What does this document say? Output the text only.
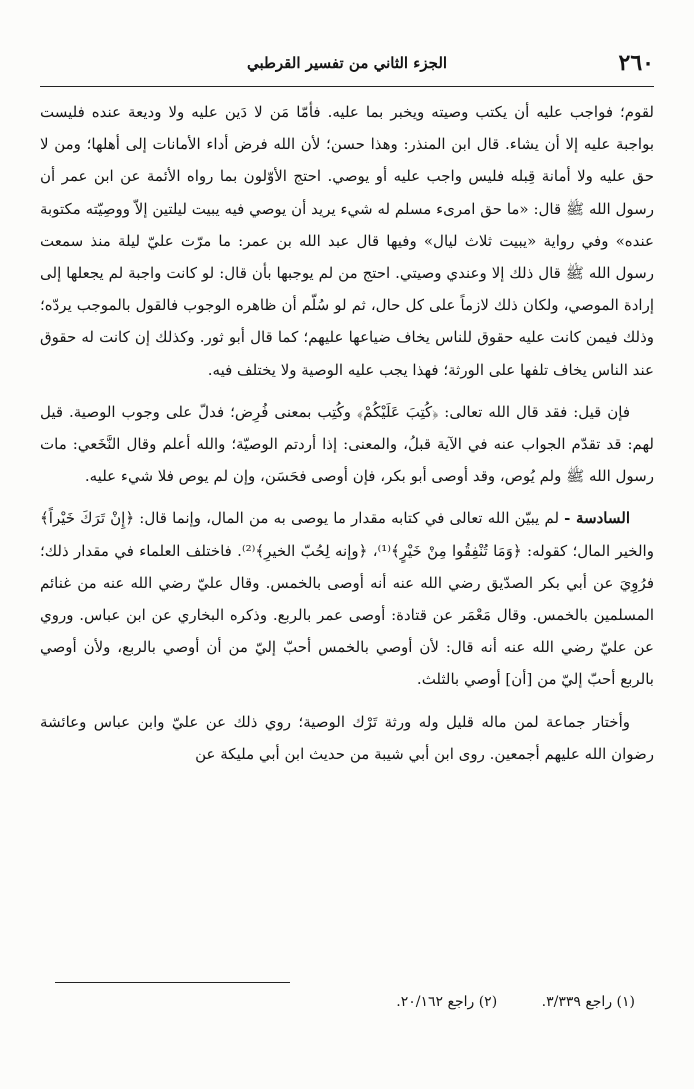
٢٦٠
الجزء الثاني من تفسير القرطبي

لقوم؛ فواجب عليه أن يكتب وصيته ويخبر بما عليه. فأمّا مَن لا دَين عليه ولا وديعة عنده فليست بواجبة عليه إلا أن يشاء. قال ابن المنذر: وهذا حسن؛ لأن الله فرض أداء الأمانات إلى أهلها؛ ومن لا حق عليه ولا أمانة قِبله فليس واجب عليه أو يوصي. احتج الأوّلون بما رواه الأئمة عن ابن عمر أن رسول الله ﷺ قال: «ما حق امرىء مسلم له شيء يريد أن يوصي فيه يبيت ليلتين إلاّ ووصِيّته مكتوبة عنده» وفي رواية «يبيت ثلاث ليال» وفيها قال عبد الله بن عمر: ما مرّت عليّ ليلة منذ سمعت رسول الله ﷺ قال ذلك إلا وعندي وصيتي. احتج من لم يوجبها بأن قال: لو كانت واجبة لم يجعلها إلى إرادة الموصي، ولكان ذلك لازماً على كل حال، ثم لو سُلّم أن ظاهره الوجوب فالقول بالموجب يردّه؛ وذلك فيمن كانت عليه حقوق للناس يخاف ضياعها عليهم؛ كما قال أبو ثور. وكذلك إن كانت له حقوق عند الناس يخاف تلفها على الورثة؛ فهذا يجب عليه الوصية ولا يختلف فيه.

فإن قيل: فقد قال الله تعالى: ﴿كُتِبَ عَلَيْكُمْ﴾ وكُتِب بمعنى فُرِض؛ فدلّ على وجوب الوصية. قيل لهم: قد تقدّم الجواب عنه في الآية قبلُ، والمعنى: إذا أردتم الوصيّة؛ والله أعلم وقال النَّخَعي: مات رسول الله ﷺ ولم يُوص، وقد أوصى أبو بكر، فإن أوصى فحَسَن، وإن لم يوص فلا شيء عليه.

السادسة - لم يبيّن الله تعالى في كتابه مقدار ما يوصى به من المال، وإنما قال: ﴿إِنْ تَرَكَ خَيْراً﴾ والخير المال؛ كقوله: ﴿وَمَا تُنْفِقُوا مِنْ خَيْرٍ﴾⁽¹⁾، ﴿وإنه لِحُبّ الخيرِ﴾⁽²⁾. فاختلف العلماء في مقدار ذلك؛ فرُوِيَ عن أبي بكر الصدّيق رضي الله عنه أنه أوصى بالخمس. وقال عليّ رضي الله عنه من غنائم المسلمين بالخمس. وقال مَعْمَر عن قتادة: أوصى عمر بالربع. وذكره البخاري عن ابن عباس. وروي عن عليّ رضي الله عنه أنه قال: لأن أوصي بالخمس أحبّ إليّ من أن أوصي بالربع، ولأن أوصي بالربع أحبّ إليّ من [أن] أوصي بالثلث.

وأختار جماعة لمن ماله قليل وله ورثة تَرْك الوصية؛ روي ذلك عن عليّ وابن عباس وعائشة رضوان الله عليهم أجمعين. روى ابن أبي شيبة من حديث ابن أبي مليكة عن

(١) راجع ٣/٣٣٩. (٢) راجع ٢٠/١٦٢.
